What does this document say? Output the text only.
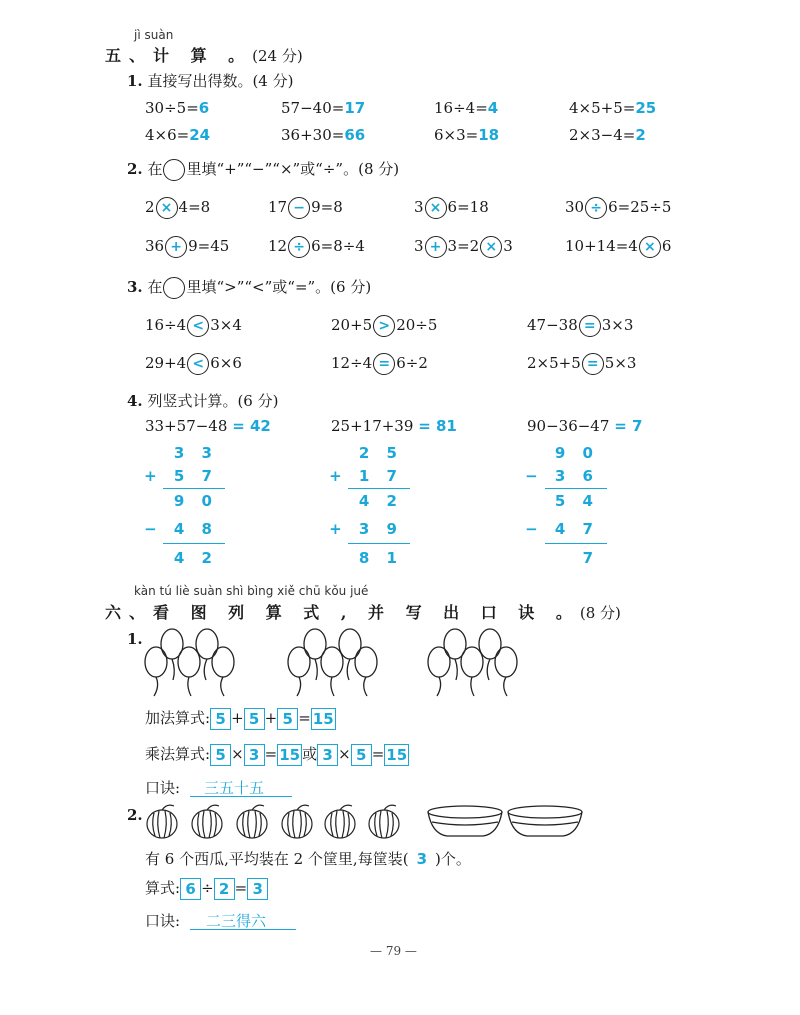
jì suàn
五、计 算 。(24 分)
1. 直接写出得数。(4 分)
30÷5=6	57−40=17	16÷4=4	4×5+5=25
4×6=24	36+30=66	6×3=18	2×3−4=2
2. 在 里填“+”“−”“×”或“÷”。(8 分)
2 × 4=8	17 − 9=8	3 × 6=18	30 ÷ 6=25÷5
36 + 9=45	12 ÷ 6=8÷4	3 + 3=2 × 3	10+14=4 × 6
3. 在 里填“>”“<”或“=”。(6 分)
16÷4 < 3×4	20+5 > 20÷5	47−38 = 3×3
29+4 < 6×6	12÷4 = 6÷2	2×5+5 = 5×3
4. 列竖式计算。(6 分)
33+57−48 = 42	25+17+39 = 81	90−36−47 = 7
3 3
+ 5 7
9 0
− 4 8
4 2
2 5
+ 1 7
4 2
+ 3 9
8 1
9 0
− 3 6
5 4
− 4 7
7
kàn tú liè suàn shì bìng xiě chū kǒu jué
六、看 图 列 算 式 , 并 写 出 口 诀 。(8 分)
1.
加法算式: 5 + 5 + 5 = 15
乘法算式: 5 × 3 = 15 或 3 × 5 = 15
口诀: 三五十五
2.
有 6 个西瓜,平均装在 2 个筐里,每筐装( 3 )个。
算式: 6 ÷ 2 = 3
口诀: 二三得六
— 79 —
